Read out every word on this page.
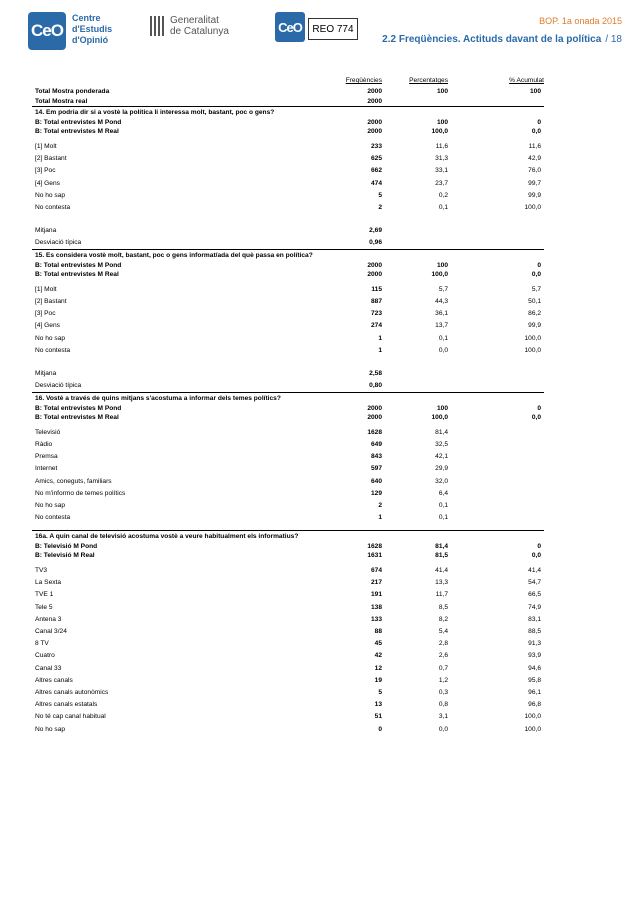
CeO
Centre
d'Estudis
d'Opinió
Generalitat
de Catalunya	CeO	REO 774
BOP. 1a onada 2015
2.2 Freqüències. Actituds davant de la política / 18
Freqüències	Percentatges	% Acumulat
Total Mostra ponderada	2000	100	100
Total Mostra real	2000
14. Em podria dir si a vostè la política li interessa molt, bastant, poc o gens?
B: Total entrevistes M Pond	2000	100	0
B: Total entrevistes M Real	2000	100,0	0,0
[1] Molt	233	11,6	11,6
[2] Bastant	625	31,3	42,9
[3] Poc	662	33,1	76,0
[4] Gens	474	23,7	99,7
No ho sap	5	0,2	99,9
No contesta	2	0,1	100,0
Mitjana	2,69
Desviació típica	0,96
15. Es considera vostè molt, bastant, poc o gens informat/ada del què passa en política?
B: Total entrevistes M Pond	2000	100	0
B: Total entrevistes M Real	2000	100,0	0,0
[1] Molt	115	5,7	5,7
[2] Bastant	887	44,3	50,1
[3] Poc	723	36,1	86,2
[4] Gens	274	13,7	99,9
No ho sap	1	0,1	100,0
No contesta	1	0,0	100,0
Mitjana	2,58
Desviació típica	0,80
16. Vostè a través de quins mitjans s'acostuma a informar dels temes polítics?
B: Total entrevistes M Pond	2000	100	0
B: Total entrevistes M Real	2000	100,0	0,0
Televisió	1628	81,4
Ràdio	649	32,5
Premsa	843	42,1
Internet	597	29,9
Amics, coneguts, familiars	640	32,0
No m'informo de temes polítics	129	6,4
No ho sap	2	0,1
No contesta	1	0,1
16a. A quin canal de televisió acostuma vostè a veure habitualment els informatius?
B: Televisió M Pond	1628	81,4	0
B: Televisió M Real	1631	81,5	0,0
TV3	674	41,4	41,4
La Sexta	217	13,3	54,7
TVE 1	191	11,7	66,5
Tele 5	138	8,5	74,9
Antena 3	133	8,2	83,1
Canal 3/24	88	5,4	88,5
8 TV	45	2,8	91,3
Cuatro	42	2,6	93,9
Canal 33	12	0,7	94,6
Altres canals	19	1,2	95,8
Altres canals autonòmics	5	0,3	96,1
Altres canals estatals	13	0,8	96,8
No té cap canal habitual	51	3,1	100,0
No ho sap	0	0,0	100,0
